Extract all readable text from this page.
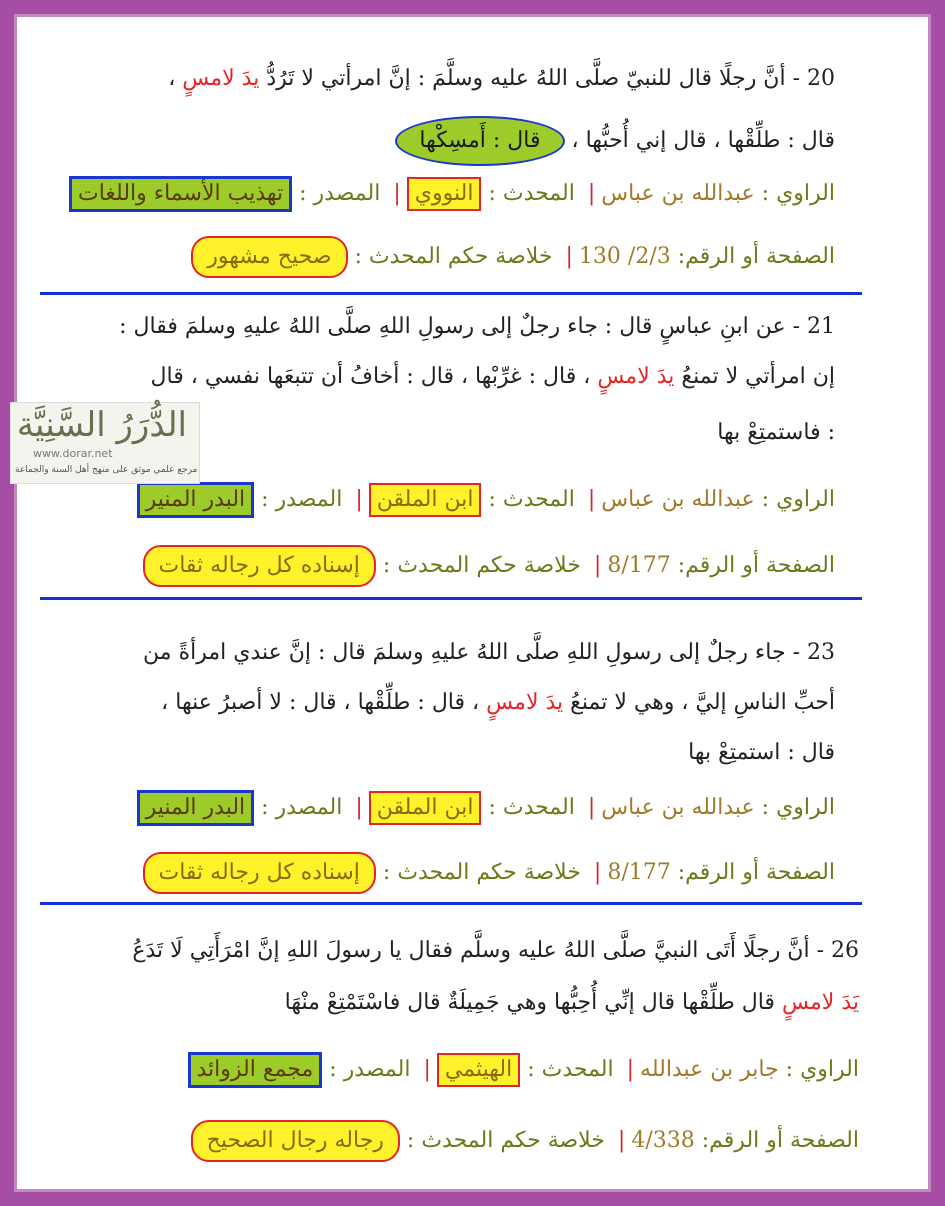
20 - أنَّ رجلًا قال للنبيّ صلَّى اللهُ عليه وسلَّمَ : إنَّ امرأتي لا تَرُدُّ يدَ لامسٍ ،
قال : طلِّقْها ، قال إني أُحبُّها ، قال : أَمسِكْها
الراوي : عبدالله بن عباس| المحدث : النووي| المصدر : تهذيب الأسماء واللغات
الصفحة أو الرقم: 2/3/ 130| خلاصة حكم المحدث : صحيح مشهور
21 - عن ابنِ عباسٍ قال : جاء رجلٌ إلى رسولِ اللهِ صلَّى اللهُ عليهِ وسلمَ فقال :
إن امرأتي لا تمنعُ يدَ لامسٍ ، قال : غرِّبْها ، قال : أخافُ أن تتبعَها نفسي ، قال
: فاستمتِعْ بها
الراوي : عبدالله بن عباس| المحدث : ابن الملقن| المصدر : البدر المنير
الصفحة أو الرقم: 8/177| خلاصة حكم المحدث : إسناده كل رجاله ثقات
23 - جاء رجلٌ إلى رسولِ اللهِ صلَّى اللهُ عليهِ وسلمَ قال : إنَّ عندي امرأةً من
أحبِّ الناسِ إليَّ ، وهي لا تمنعُ يدَ لامسٍ ، قال : طلِّقْها ، قال : لا أصبرُ عنها ،
قال : استمتِعْ بها
الراوي : عبدالله بن عباس| المحدث : ابن الملقن| المصدر : البدر المنير
الصفحة أو الرقم: 8/177| خلاصة حكم المحدث : إسناده كل رجاله ثقات
26 - أنَّ رجلًا أَتَى النبيَّ صلَّى اللهُ عليه وسلَّم فقال يا رسولَ اللهِ إنَّ امْرَأَتِي لَا تَدَعُ
يَدَ لامسٍ قال طلِّقْها قال إنِّي أُحِبُّها وهي جَمِيلَةٌ قال فاسْتَمْتِعْ منْهَا
الراوي : جابر بن عبدالله| المحدث : الهيثمي| المصدر : مجمع الزوائد
الصفحة أو الرقم: 4/338| خلاصة حكم المحدث : رجاله رجال الصحيح
الدُّرَرُ السَّنِيَّة
www.dorar.net
مرجع علمي موثق على منهج أهل السنة والجماعة
